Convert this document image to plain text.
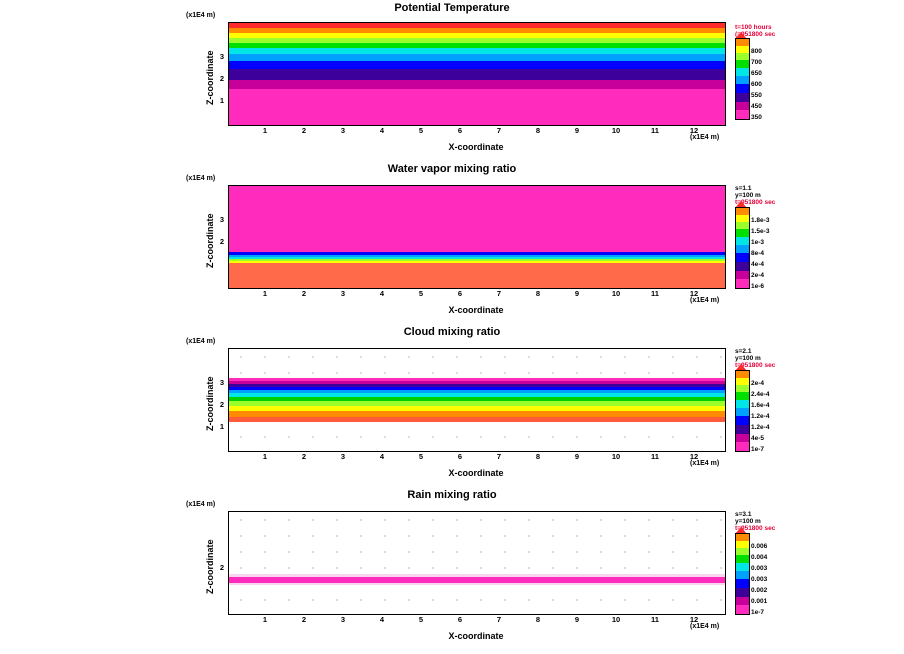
Potential Temperature
(x1E4 m)
Z-coordinate 3
2
1
1	2	3	4	5	6	7	8	9	10	11	12
(x1E4 m)
X-coordinate
t=100 hours
(=951800 sec
800
700
650
600
550
450
350
Water vapor mixing ratio
(x1E4 m)
Z-coordinate 3
2
1	2	3	4	5	6	7	8	9	10	11	12
(x1E4 m)
X-coordinate
s=1.1
y=100 m
t=951800 sec
1.8e-3
1.5e-3
1e-3
8e-4
4e-4
2e-4
1e-6
Cloud mixing ratio
(x1E4 m)
Z-coordinate 3
2
1
1	2	3	4	5	6	7	8	9	10	11	12
(x1E4 m)
X-coordinate
s=2.1
y=100 m
t=951800 sec
2e-4
2.4e-4
1.6e-4
1.2e-4
1.2e-4
4e-5
1e-7
Rain mixing ratio
(x1E4 m)
Z-coordinate 2
1	2	3	4	5	6	7	8	9	10	11	12
(x1E4 m)
X-coordinate
s=3.1
y=100 m
t=951800 sec
0.006
0.004
0.003
0.003
0.002
0.001
1e-7
